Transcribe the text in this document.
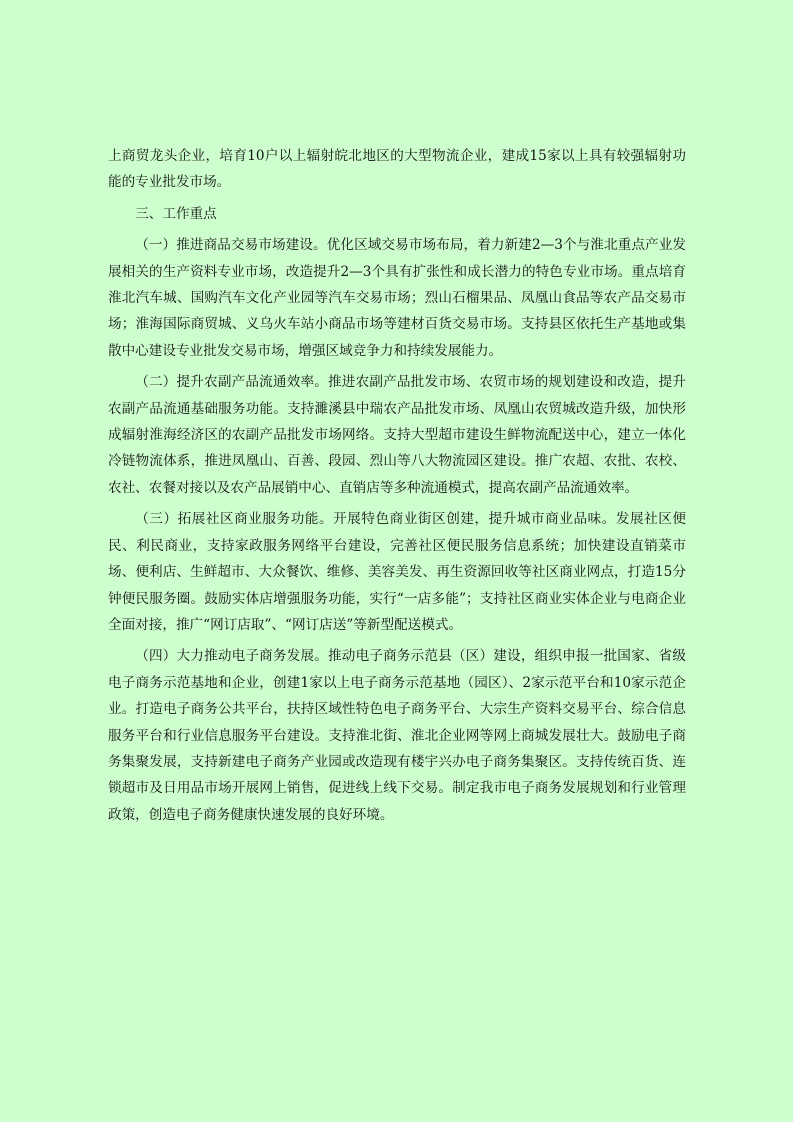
上商贸龙头企业，培育10户以上辐射皖北地区的大型物流企业，建成15家以上具有较强辐射功能的专业批发市场。

三、工作重点

（一）推进商品交易市场建设。优化区域交易市场布局，着力新建2—3个与淮北重点产业发展相关的生产资料专业市场，改造提升2—3个具有扩张性和成长潜力的特色专业市场。重点培育淮北汽车城、国购汽车文化产业园等汽车交易市场；烈山石榴果品、凤凰山食品等农产品交易市场；淮海国际商贸城、义乌火车站小商品市场等建材百货交易市场。支持县区依托生产基地或集散中心建设专业批发交易市场，增强区域竞争力和持续发展能力。

（二）提升农副产品流通效率。推进农副产品批发市场、农贸市场的规划建设和改造，提升农副产品流通基础服务功能。支持濉溪县中瑞农产品批发市场、凤凰山农贸城改造升级，加快形成辐射淮海经济区的农副产品批发市场网络。支持大型超市建设生鲜物流配送中心，建立一体化冷链物流体系，推进凤凰山、百善、段园、烈山等八大物流园区建设。推广农超、农批、农校、农社、农餐对接以及农产品展销中心、直销店等多种流通模式，提高农副产品流通效率。

（三）拓展社区商业服务功能。开展特色商业街区创建，提升城市商业品味。发展社区便民、利民商业，支持家政服务网络平台建设，完善社区便民服务信息系统；加快建设直销菜市场、便利店、生鲜超市、大众餐饮、维修、美容美发、再生资源回收等社区商业网点，打造15分钟便民服务圈。鼓励实体店增强服务功能，实行“一店多能”；支持社区商业实体企业与电商企业全面对接，推广“网订店取”、“网订店送”等新型配送模式。

（四）大力推动电子商务发展。推动电子商务示范县（区）建设，组织申报一批国家、省级电子商务示范基地和企业，创建1家以上电子商务示范基地（园区）、2家示范平台和10家示范企业。打造电子商务公共平台，扶持区域性特色电子商务平台、大宗生产资料交易平台、综合信息服务平台和行业信息服务平台建设。支持淮北街、淮北企业网等网上商城发展壮大。鼓励电子商务集聚发展，支持新建电子商务产业园或改造现有楼宇兴办电子商务集聚区。支持传统百货、连锁超市及日用品市场开展网上销售，促进线上线下交易。制定我市电子商务发展规划和行业管理政策，创造电子商务健康快速发展的良好环境。
